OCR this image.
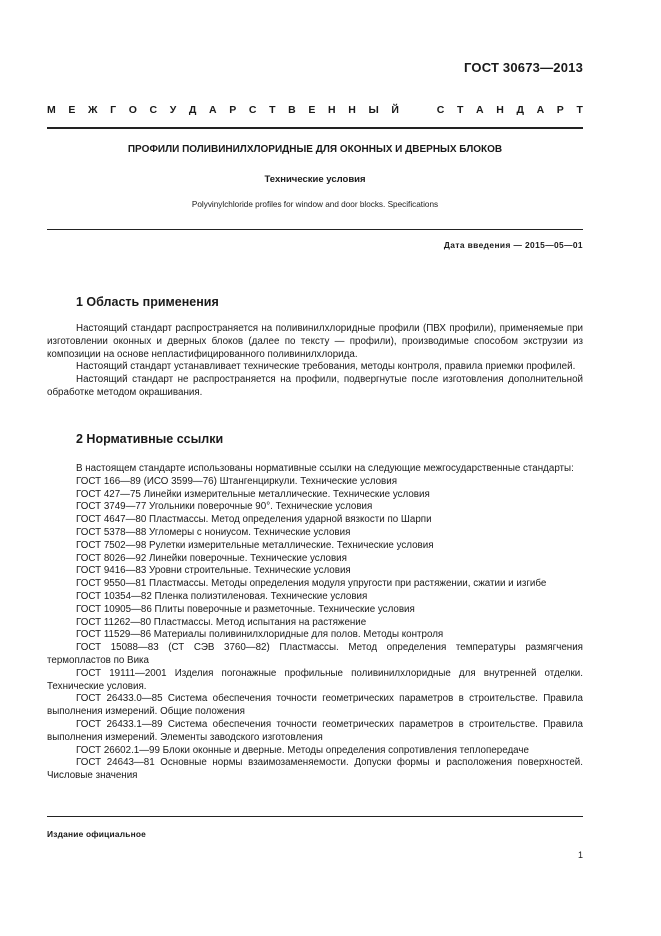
ГОСТ 30673—2013
М Е Ж Г О С У Д А Р С Т В Е Н Н Ы Й	С Т А Н Д А Р Т
ПРОФИЛИ ПОЛИВИНИЛХЛОРИДНЫЕ ДЛЯ ОКОННЫХ И ДВЕРНЫХ БЛОКОВ
Технические условия
Polyvinylchloride profiles for window and door blocks. Specifications
Дата введения — 2015—05—01
1 Область применения

Настоящий стандарт распространяется на поливинилхлоридные профили (ПВХ профили), применяемые при изготовлении оконных и дверных блоков (далее по тексту — профили), производимые способом экструзии из композиции на основе непластифицированного поливинилхлорида.

Настоящий стандарт устанавливает технические требования, методы контроля, правила приемки профилей.

Настоящий стандарт не распространяется на профили, подвергнутые после изготовления дополнительной обработке методом окрашивания.

2 Нормативные ссылки

В настоящем стандарте использованы нормативные ссылки на следующие межгосударственные стандарты:

ГОСТ 166—89 (ИСО 3599—76) Штангенциркули. Технические условия

ГОСТ 427—75 Линейки измерительные металлические. Технические условия

ГОСТ 3749—77 Угольники поверочные 90°. Технические условия

ГОСТ 4647—80 Пластмассы. Метод определения ударной вязкости по Шарпи

ГОСТ 5378—88 Угломеры с нониусом. Технические условия

ГОСТ 7502—98 Рулетки измерительные металлические. Технические условия

ГОСТ 8026—92 Линейки поверочные. Технические условия

ГОСТ 9416—83 Уровни строительные. Технические условия

ГОСТ 9550—81 Пластмассы. Методы определения модуля упругости при растяжении, сжатии и изгибе

ГОСТ 10354—82 Пленка полиэтиленовая. Технические условия

ГОСТ 10905—86 Плиты поверочные и разметочные. Технические условия

ГОСТ 11262—80 Пластмассы. Метод испытания на растяжение

ГОСТ 11529—86 Материалы поливинилхлоридные для полов. Методы контроля

ГОСТ 15088—83 (СТ СЭВ 3760—82) Пластмассы. Метод определения температуры размягчения термопластов по Вика

ГОСТ 19111—2001 Изделия погонажные профильные поливинилхлоридные для внутренней отделки. Технические условия.

ГОСТ 26433.0—85 Система обеспечения точности геометрических параметров в строительстве. Правила выполнения измерений. Общие положения

ГОСТ 26433.1—89 Система обеспечения точности геометрических параметров в строительстве. Правила выполнения измерений. Элементы заводского изготовления

ГОСТ 26602.1—99 Блоки оконные и дверные. Методы определения сопротивления теплопередаче

ГОСТ 24643—81 Основные нормы взаимозаменяемости. Допуски формы и расположения поверхностей. Числовые значения

Издание официальное
1
